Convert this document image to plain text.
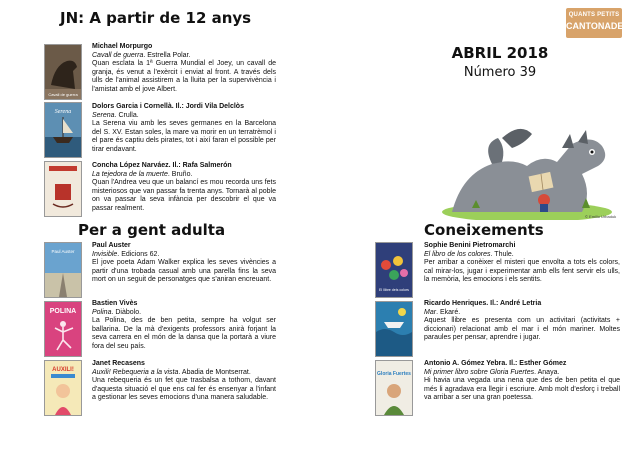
JN: A partir de 12 anys	QUANTS PETITS
CANTONADES
Cavall de guerra
Serena
Michael Morpurgo
Cavall de guerra. Estrella Polar.
Quan esclata la 1ª Guerra Mundial el Joey, un cavall de granja, és venut a l'exèrcit i enviat al front. A través dels ulls de l'animal assistirem a la lluita per la supervivència i l'amistat amb el jove Albert.
Dolors Garcia i Cornellà. Il.: Jordi Vila Delclòs
Serena. Crulla.
La Serena viu amb les seves germanes en la Barcelona del S. XV. Estan soles, la mare va morir en un terratrèmol i el pare és captiu dels pirates, tot i així faran el possible per tirar endavant.
Concha López Narváez. Il.: Rafa Salmerón
La tejedora de la muerte. Bruño.
Quan l'Andrea veu que un balancí es mou recorda uns fets misteriosos que van passar fa trenta anys. Tornarà al poble on va passar la seva infància per descobrir el que va passar realment.
ABRIL 2018
Número 39
© Emilio Urbaduk
Per a gent adulta	Coneixements
Paul Auster
POLINA
AUXILI!
Paul Auster
Invisible. Edicions 62.
El jove poeta Adam Walker explica les seves vivències a partir d'una trobada casual amb una parella fins la seva mort on un seguit de personatges que s'aniran encreuant.
Bastien Vivès
Polina. Diàbolo.
La Polina, des de ben petita, sempre ha volgut ser ballarina. De la mà d'exigents professors anirà forjant la seva carrera en el món de la dansa que la portarà a viure fora del seu país.
Janet Recasens
Auxili! Rebequeria a la vista. Abadia de Montserrat.
Una rebequeria és un fet que trasbalsa a tothom, davant d'aquesta situació el que ens cal fer és ensenyar a l'infant a gestionar les seves emocions d'una manera saludable.
El llibre dels colors
Gloria Fuertes
Sophie Benini Pietromarchi
El libro de los colores. Thule.
Per arribar a conèixer el misteri que envolta a tots els colors, cal mirar-los, jugar i experimentar amb ells fent servir els ulls, la memòria, les emocions i els sentits.
Ricardo Henriques. Il.: André Letria
Mar. Ekaré.
Aquest llibre es presenta com un activitari (activitats + diccionari) relacionat amb el mar i el món mariner. Moltes paraules per pensar, aprendre i jugar.
Antonio A. Gómez Yebra. Il.: Esther Gómez
Mi primer libro sobre Gloria Fuertes. Anaya.
Hi havia una vegada una nena que des de ben petita el que més li agradava era llegir i escriure. Amb molt d'esforç i treball va arribar a ser una gran poetessa.
